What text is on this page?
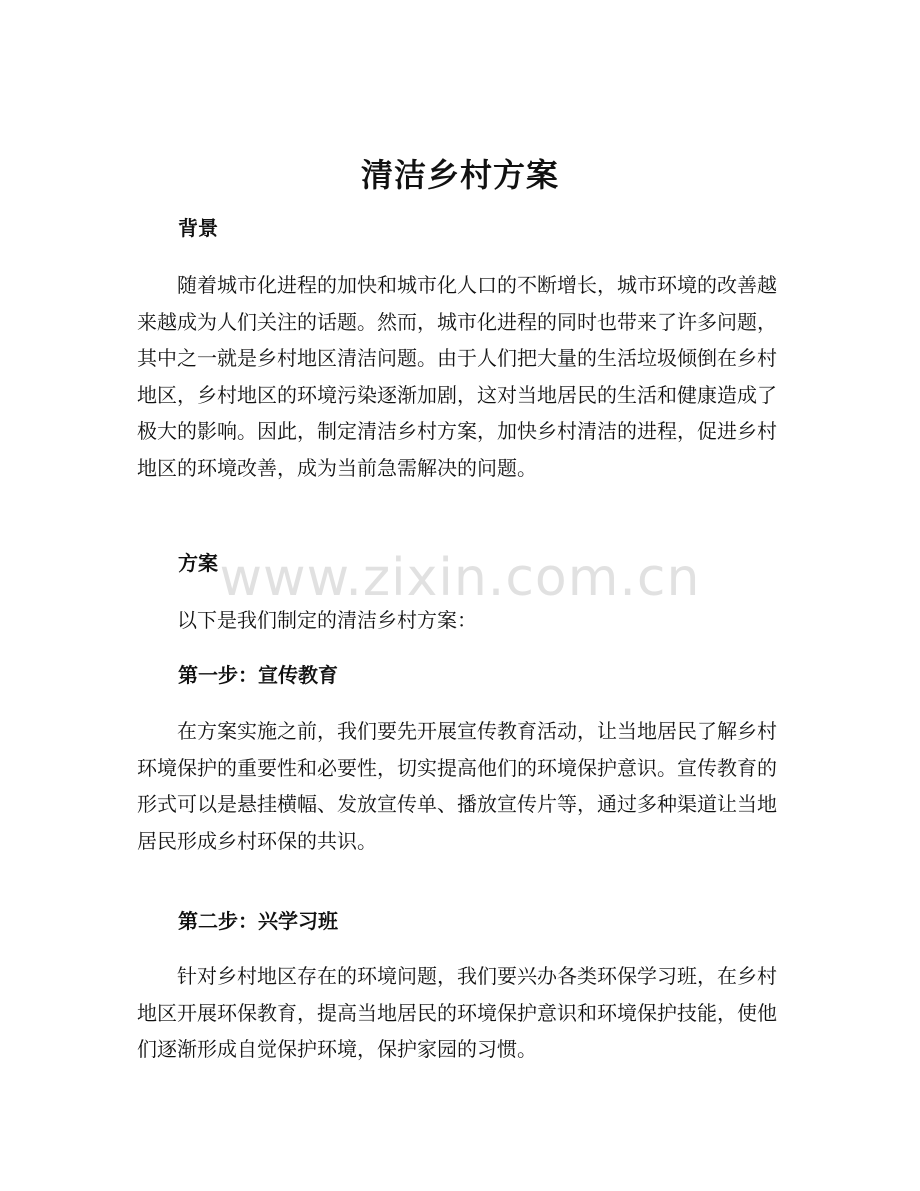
清洁乡村方案
背景

随着城市化进程的加快和城市化人口的不断增长，城市环境的改善越来越成为人们关注的话题。然而，城市化进程的同时也带来了许多问题，其中之一就是乡村地区清洁问题。由于人们把大量的生活垃圾倾倒在乡村地区，乡村地区的环境污染逐渐加剧，这对当地居民的生活和健康造成了极大的影响。因此，制定清洁乡村方案，加快乡村清洁的进程，促进乡村地区的环境改善，成为当前急需解决的问题。

方案 www.zixin.com.cn

以下是我们制定的清洁乡村方案：

第一步：宣传教育

在方案实施之前，我们要先开展宣传教育活动，让当地居民了解乡村环境保护的重要性和必要性，切实提高他们的环境保护意识。宣传教育的形式可以是悬挂横幅、发放宣传单、播放宣传片等，通过多种渠道让当地居民形成乡村环保的共识。

第二步：兴学习班

针对乡村地区存在的环境问题，我们要兴办各类环保学习班，在乡村地区开展环保教育，提高当地居民的环境保护意识和环境保护技能，使他们逐渐形成自觉保护环境，保护家园的习惯。
